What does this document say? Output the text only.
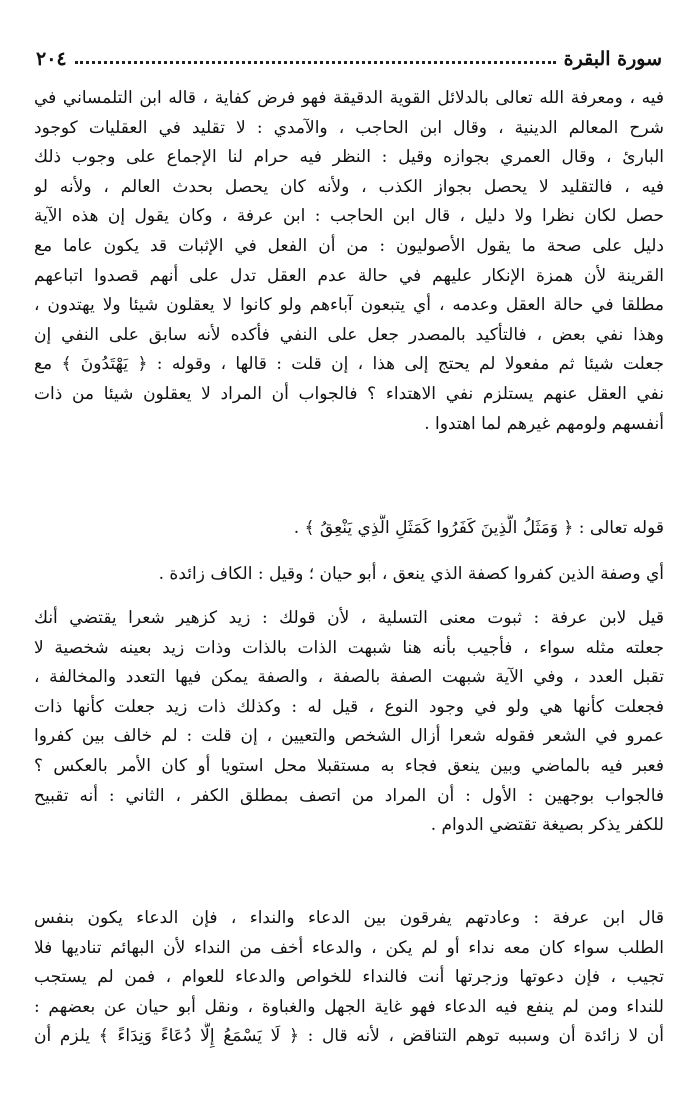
٢٠٤	سورة البقرة
فيه ، ومعرفة الله تعالى بالدلائل القوية الدقيقة فهو فرض كفاية ، قاله ابن التلمساني في
شرح المعالم الدينية ، وقال ابن الحاجب ، والآمدي : لا تقليد في العقليات كوجود
البارئ ، وقال العمري بجوازه وقيل : النظر فيه حرام لنا الإجماع على وجوب ذلك
فيه ، فالتقليد لا يحصل بجواز الكذب ، ولأنه كان يحصل بحدث العالم ، ولأنه لو
حصل لكان نظرا ولا دليل ، قال ابن الحاجب : ابن عرفة ، وكان يقول إن هذه الآية
دليل على صحة ما يقول الأصوليون : من أن الفعل في الإثبات قد يكون عاما مع
القرينة لأن همزة الإنكار عليهم في حالة عدم العقل تدل على أنهم قصدوا اتباعهم
مطلقا في حالة العقل وعدمه ، أي يتبعون آباءهم ولو كانوا لا يعقلون شيئا ولا يهتدون ،
وهذا نفي بعض ، فالتأكيد بالمصدر جعل على النفي فأكده لأنه سابق على النفي إن
جعلت شيئا ثم مفعولا لم يحتج إلى هذا ، إن قلت : قالها ، وقوله : ﴿ يَهْتَدُونَ ﴾ مع
نفي العقل عنهم يستلزم نفي الاهتداء ؟ فالجواب أن المراد لا يعقلون شيئا من ذات
أنفسهم ولومهم غيرهم لما اهتدوا .
قوله تعالى : ﴿ وَمَثَلُ الَّذِينَ كَفَرُوا كَمَثَلِ الَّذِي يَنْعِقُ ﴾ .
أي وصفة الذين كفروا كصفة الذي ينعق ، أبو حيان ؛ وقيل : الكاف زائدة .
قيل لابن عرفة : ثبوت معنى التسلية ، لأن قولك : زيد كزهير شعرا يقتضي أنك
جعلته مثله سواء ، فأجيب بأنه هنا شبهت الذات بالذات وذات زيد بعينه شخصية لا
تقبل العدد ، وفي الآية شبهت الصفة بالصفة ، والصفة يمكن فيها التعدد والمخالفة ،
فجعلت كأنها هي ولو في وجود النوع ، قيل له : وكذلك ذات زيد جعلت كأنها ذات
عمرو في الشعر فقوله شعرا أزال الشخص والتعيين ، إن قلت : لم خالف بين كفروا
فعبر فيه بالماضي وبين ينعق فجاء به مستقبلا محل استويا أو كان الأمر بالعكس ؟
فالجواب بوجهين : الأول : أن المراد من اتصف بمطلق الكفر ، الثاني : أنه تقبيح
للكفر يذكر بصيغة تقتضي الدوام .
قال ابن عرفة : وعادتهم يفرقون بين الدعاء والنداء ، فإن الدعاء يكون بنفس
الطلب سواء كان معه نداء أو لم يكن ، والدعاء أخف من النداء لأن البهائم تناديها فلا
تجيب ، فإن دعوتها وزجرتها أنت فالنداء للخواص والدعاء للعوام ، فمن لم يستجب
للنداء ومن لم ينفع فيه الدعاء فهو غاية الجهل والغباوة ، ونقل أبو حيان عن بعضهم :
أن لا زائدة أن وسببه توهم التناقض ، لأنه قال : ﴿ لَا يَسْمَعُ إِلَّا دُعَاءً وَنِدَاءً ﴾ يلزم أن
